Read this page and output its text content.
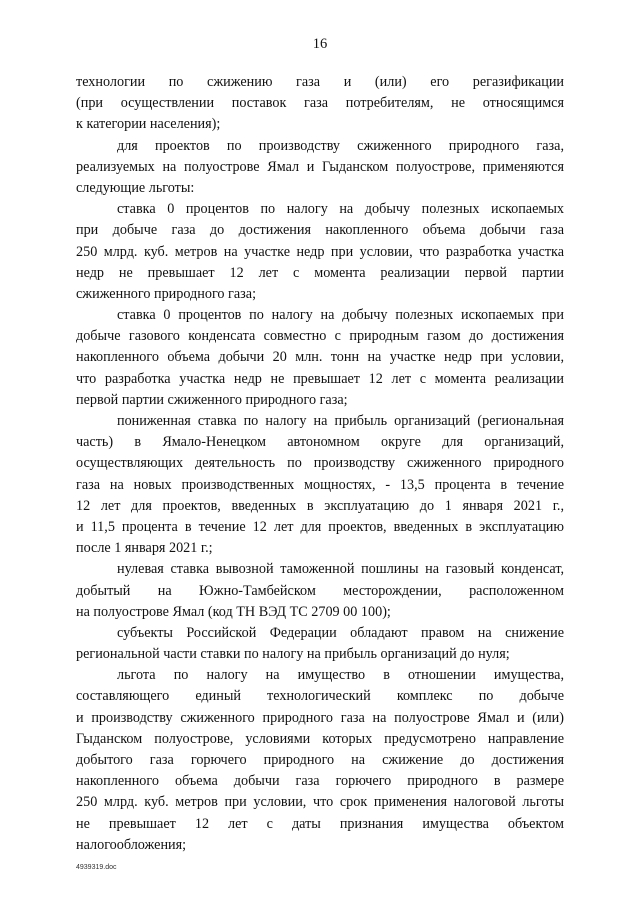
16
технологии по сжижению газа и (или) его регазификации
(при осуществлении поставок газа потребителям, не относящимся
к категории населения);
для проектов по производству сжиженного природного газа,
реализуемых на полуострове Ямал и Гыданском полуострове, применяются
следующие льготы:
ставка 0 процентов по налогу на добычу полезных ископаемых
при добыче газа до достижения накопленного объема добычи газа
250 млрд. куб. метров на участке недр при условии, что разработка участка
недр не превышает 12 лет с момента реализации первой партии
сжиженного природного газа;
ставка 0 процентов по налогу на добычу полезных ископаемых при
добыче газового конденсата совместно с природным газом до достижения
накопленного объема добычи 20 млн. тонн на участке недр при условии,
что разработка участка недр не превышает 12 лет с момента реализации
первой партии сжиженного природного газа;
пониженная ставка по налогу на прибыль организаций (региональная
часть) в Ямало-Ненецком автономном округе для организаций,
осуществляющих деятельность по производству сжиженного природного
газа на новых производственных мощностях, - 13,5 процента в течение
12 лет для проектов, введенных в эксплуатацию до 1 января 2021 г.,
и 11,5 процента в течение 12 лет для проектов, введенных в эксплуатацию
после 1 января 2021 г.;
нулевая ставка вывозной таможенной пошлины на газовый конденсат,
добытый на Южно-Тамбейском месторождении, расположенном
на полуострове Ямал (код ТН ВЭД ТС 2709 00 100);
субъекты Российской Федерации обладают правом на снижение
региональной части ставки по налогу на прибыль организаций до нуля;
льгота по налогу на имущество в отношении имущества,
составляющего единый технологический комплекс по добыче
и производству сжиженного природного газа на полуострове Ямал и (или)
Гыданском полуострове, условиями которых предусмотрено направление
добытого газа горючего природного на сжижение до достижения
накопленного объема добычи газа горючего природного в размере
250 млрд. куб. метров при условии, что срок применения налоговой льготы
не превышает 12 лет с даты признания имущества объектом
налогообложения;
4939319.doc
